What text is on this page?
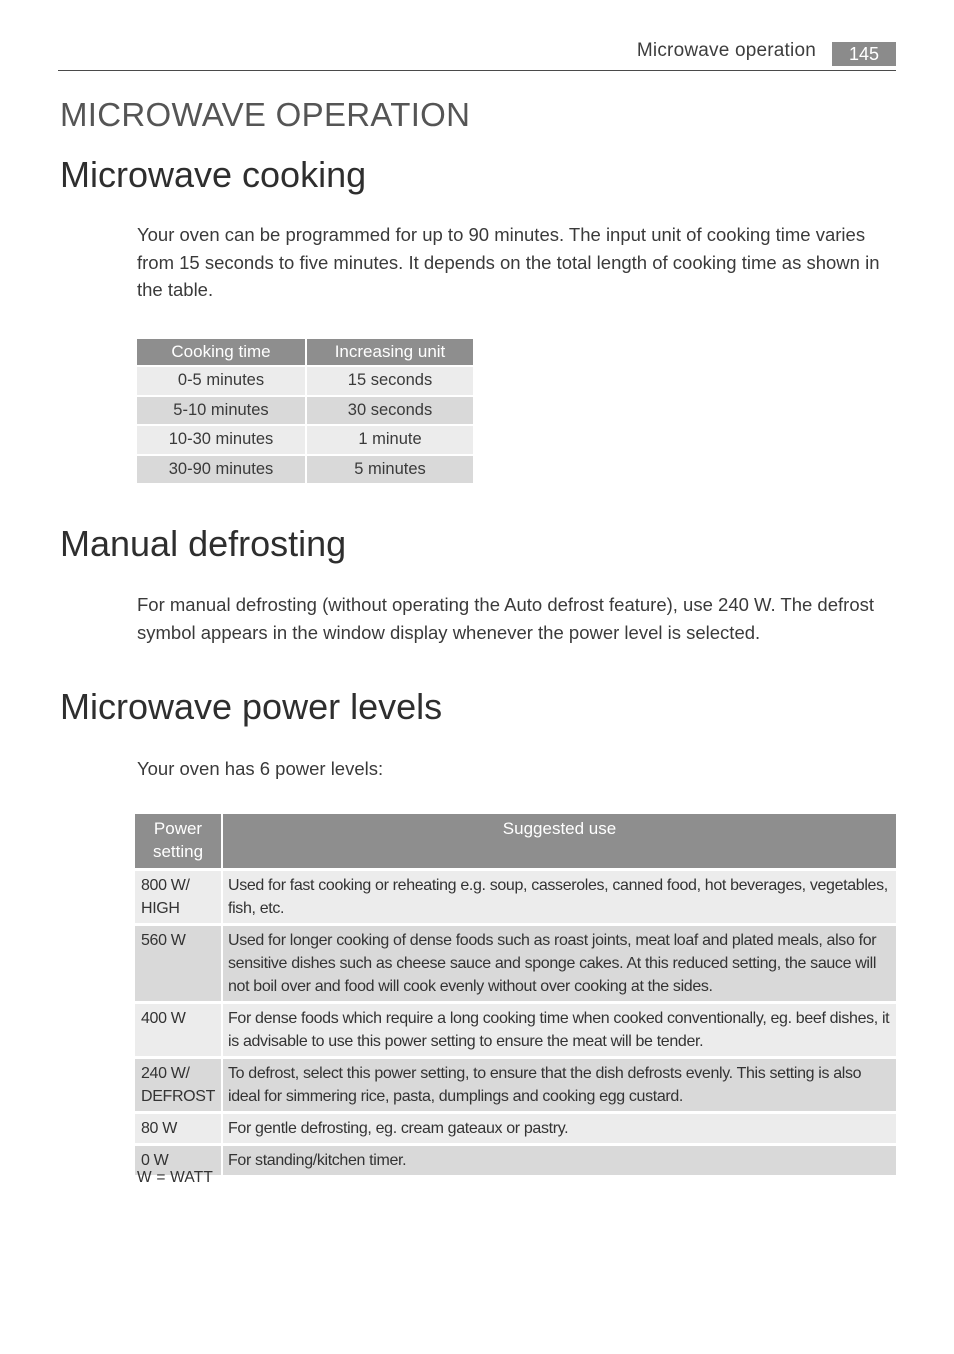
Microwave operation	145
MICROWAVE OPERATION
Microwave cooking

Your oven can be programmed for up to 90 minutes. The input unit of cooking time varies from 15 seconds to five minutes. It depends on the total length of cooking time as shown in the table.

Cooking time	Increasing unit
0-5 minutes	15 seconds
5-10 minutes	30 seconds
10-30 minutes	1 minute
30-90 minutes	5 minutes
Manual defrosting

For manual defrosting (without operating the Auto defrost feature), use 240 W. The defrost symbol appears in the window display whenever the power level is selected.

Microwave power levels

Your oven has 6 power levels:

Power setting	Suggested use
800 W/ HIGH	Used for fast cooking or reheating e.g. soup, casseroles, canned food, hot beverages, vegetables, fish, etc.
560 W	Used for longer cooking of dense foods such as roast joints, meat loaf and plated meals, also for sensitive dishes such as cheese sauce and sponge cakes. At this reduced setting, the sauce will not boil over and food will cook evenly without over cooking at the sides.
400 W	For dense foods which require a long cooking time when cooked conventionally, eg. beef dishes, it is advisable to use this power setting to ensure the meat will be tender.
240 W/ DEFROST	To defrost, select this power setting, to ensure that the dish defrosts evenly. This setting is also ideal for simmering rice, pasta, dumplings and cooking egg custard.
80 W	For gentle defrosting, eg. cream gateaux or pastry.
0 W	For standing/kitchen timer.
W = WATT
